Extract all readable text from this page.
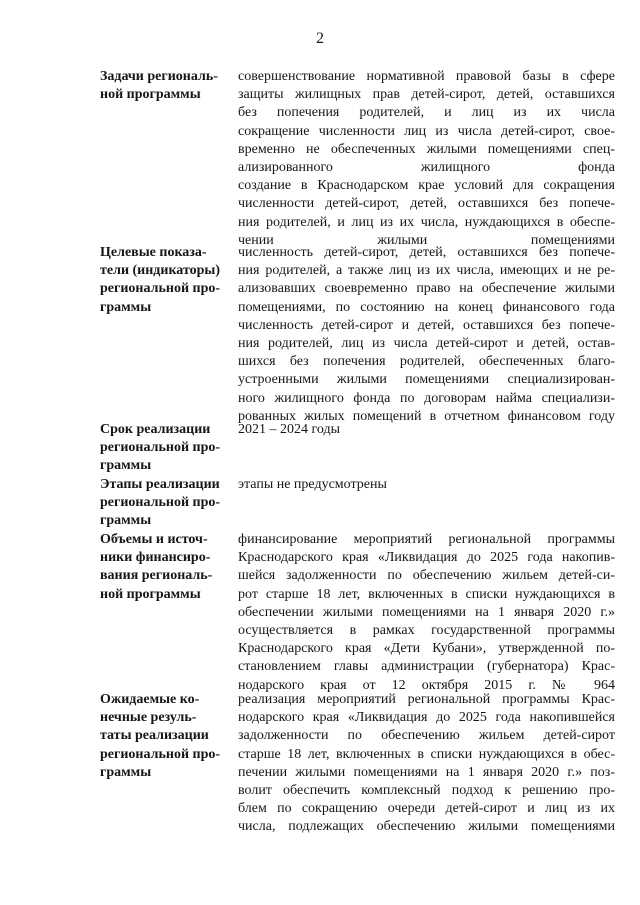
2
Задачи региональ-
ной программы
совершенствование нормативной правовой базы в сфере
защиты жилищных прав детей-сирот, детей, оставшихся
без попечения родителей, и лиц из их числа
сокращение численности лиц из числа детей-сирот, свое-
временно не обеспеченных жилыми помещениями спец-
ализированного жилищного фонда
создание в Краснодарском крае условий для сокращения
численности детей-сирот, детей, оставшихся без попече-
ния родителей, и лиц из их числа, нуждающихся в обеспе-
чении жилыми помещениями
Целевые показа-
тели (индикаторы)
региональной про-
граммы
численность детей-сирот, детей, оставшихся без попече-
ния родителей, а также лиц из их числа, имеющих и не ре-
ализовавших своевременно право на обеспечение жилыми
помещениями, по состоянию на конец финансового года
численность детей-сирот и детей, оставшихся без попече-
ния родителей, лиц из числа детей-сирот и детей, остав-
шихся без попечения родителей, обеспеченных благо-
устроенными жилыми помещениями специализирован-
ного жилищного фонда по договорам найма специализи-
рованных жилых помещений в отчетном финансовом году
Срок реализации
региональной про-
граммы
2021 – 2024 годы
Этапы реализации
региональной про-
граммы
этапы не предусмотрены
Объемы и источ-
ники финансиро-
вания региональ-
ной программы
финансирование мероприятий региональной программы
Краснодарского края «Ликвидация до 2025 года накопив-
шейся задолженности по обеспечению жильем детей-си-
рот старше 18 лет, включенных в списки нуждающихся в
обеспечении жилыми помещениями на 1 января 2020 г.»
осуществляется в рамках государственной программы
Краснодарского края «Дети Кубани», утвержденной по-
становлением главы администрации (губернатора) Крас-
нодарского края от 12 октября 2015 г. № 964
Ожидаемые ко-
нечные резуль-
таты реализации
региональной про-
граммы
реализация мероприятий региональной программы Крас-
нодарского края «Ликвидация до 2025 года накопившейся
задолженности по обеспечению жильем детей-сирот
старше 18 лет, включенных в списки нуждающихся в обес-
печении жилыми помещениями на 1 января 2020 г.» поз-
волит обеспечить комплексный подход к решению про-
блем по сокращению очереди детей-сирот и лиц из их
числа, подлежащих обеспечению жилыми помещениями
